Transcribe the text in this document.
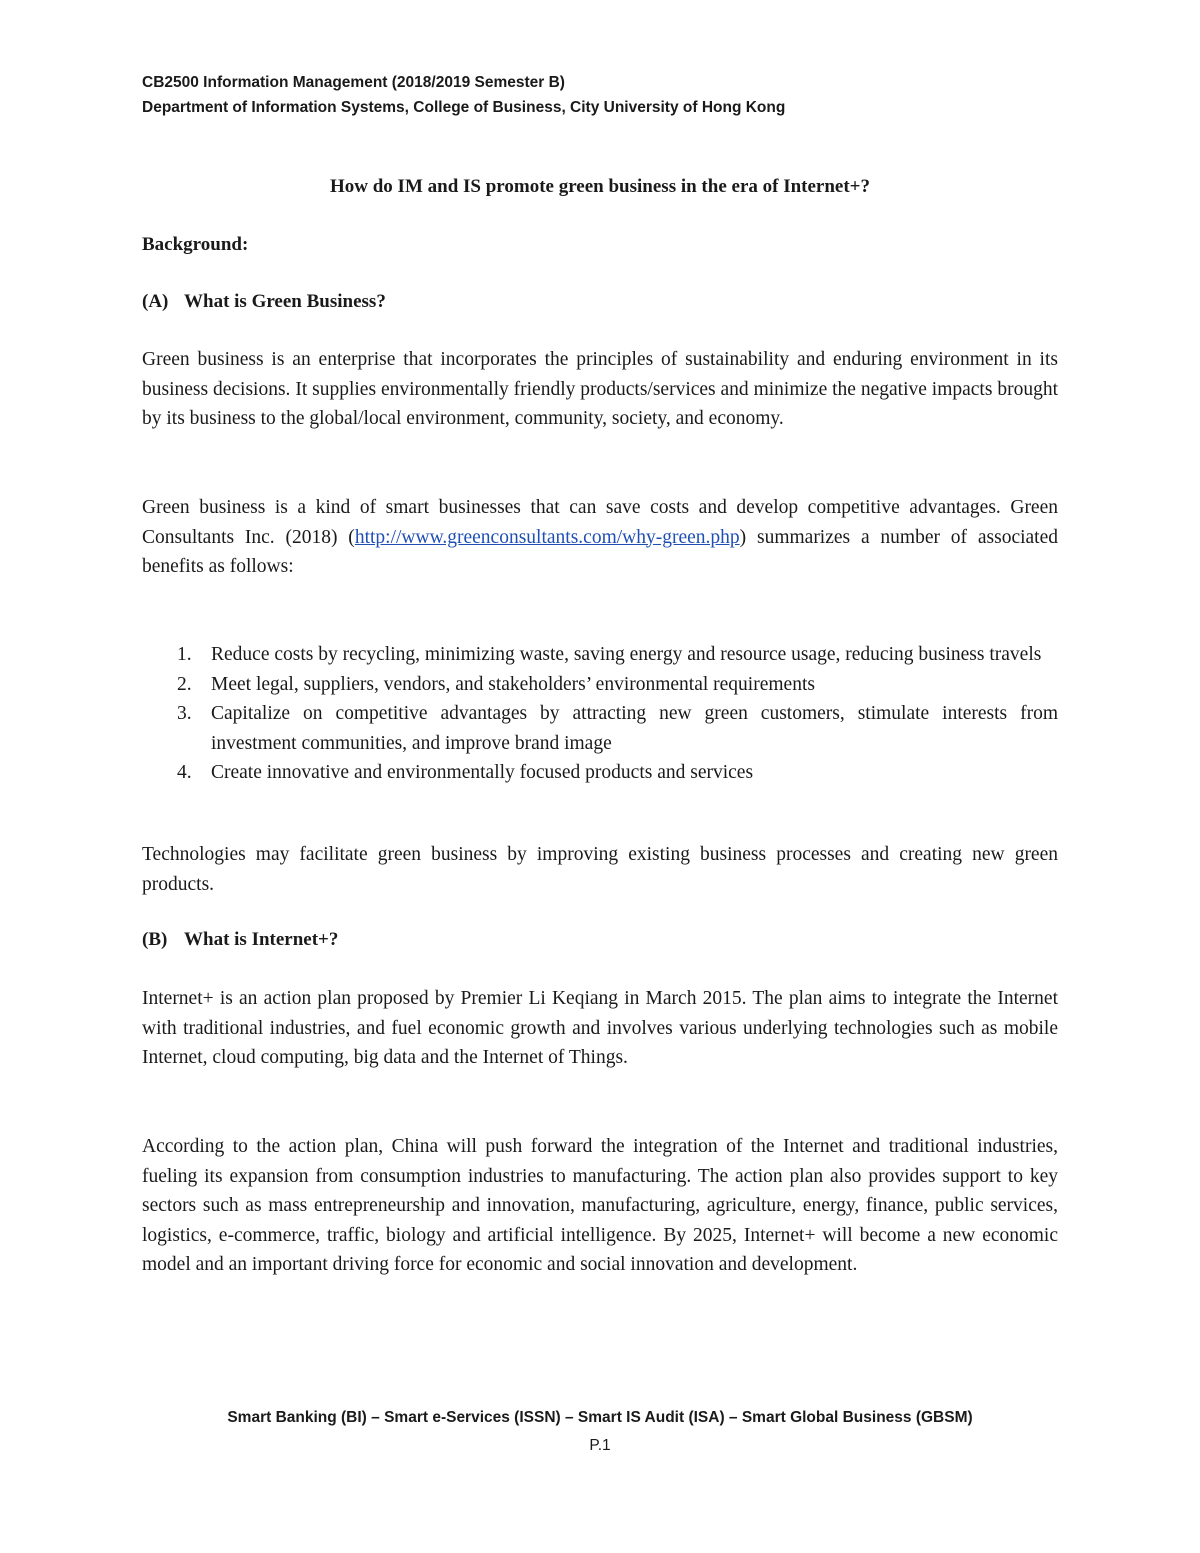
CB2500 Information Management (2018/2019 Semester B)
Department of Information Systems, College of Business, City University of Hong Kong
How do IM and IS promote green business in the era of Internet+?
Background:
(A) What is Green Business?

Green business is an enterprise that incorporates the principles of sustainability and enduring environment in its business decisions. It supplies environmentally friendly products/services and minimize the negative impacts brought by its business to the global/local environment, community, society, and economy.

Green business is a kind of smart businesses that can save costs and develop competitive advantages. Green Consultants Inc. (2018) (http://www.greenconsultants.com/why-green.php) summarizes a number of associated benefits as follows:

1. Reduce costs by recycling, minimizing waste, saving energy and resource usage, reducing business travels
2. Meet legal, suppliers, vendors, and stakeholders’ environmental requirements
3. Capitalize on competitive advantages by attracting new green customers, stimulate interests from investment communities, and improve brand image
4. Create innovative and environmentally focused products and services

Technologies may facilitate green business by improving existing business processes and creating new green products.

(B) What is Internet+?

Internet+ is an action plan proposed by Premier Li Keqiang in March 2015. The plan aims to integrate the Internet with traditional industries, and fuel economic growth and involves various underlying technologies such as mobile Internet, cloud computing, big data and the Internet of Things.

According to the action plan, China will push forward the integration of the Internet and traditional industries, fueling its expansion from consumption industries to manufacturing. The action plan also provides support to key sectors such as mass entrepreneurship and innovation, manufacturing, agriculture, energy, finance, public services, logistics, e-commerce, traffic, biology and artificial intelligence. By 2025, Internet+ will become a new economic model and an important driving force for economic and social innovation and development.

Smart Banking (BI) – Smart e-Services (ISSN) – Smart IS Audit (ISA) – Smart Global Business (GBSM)
P.1
